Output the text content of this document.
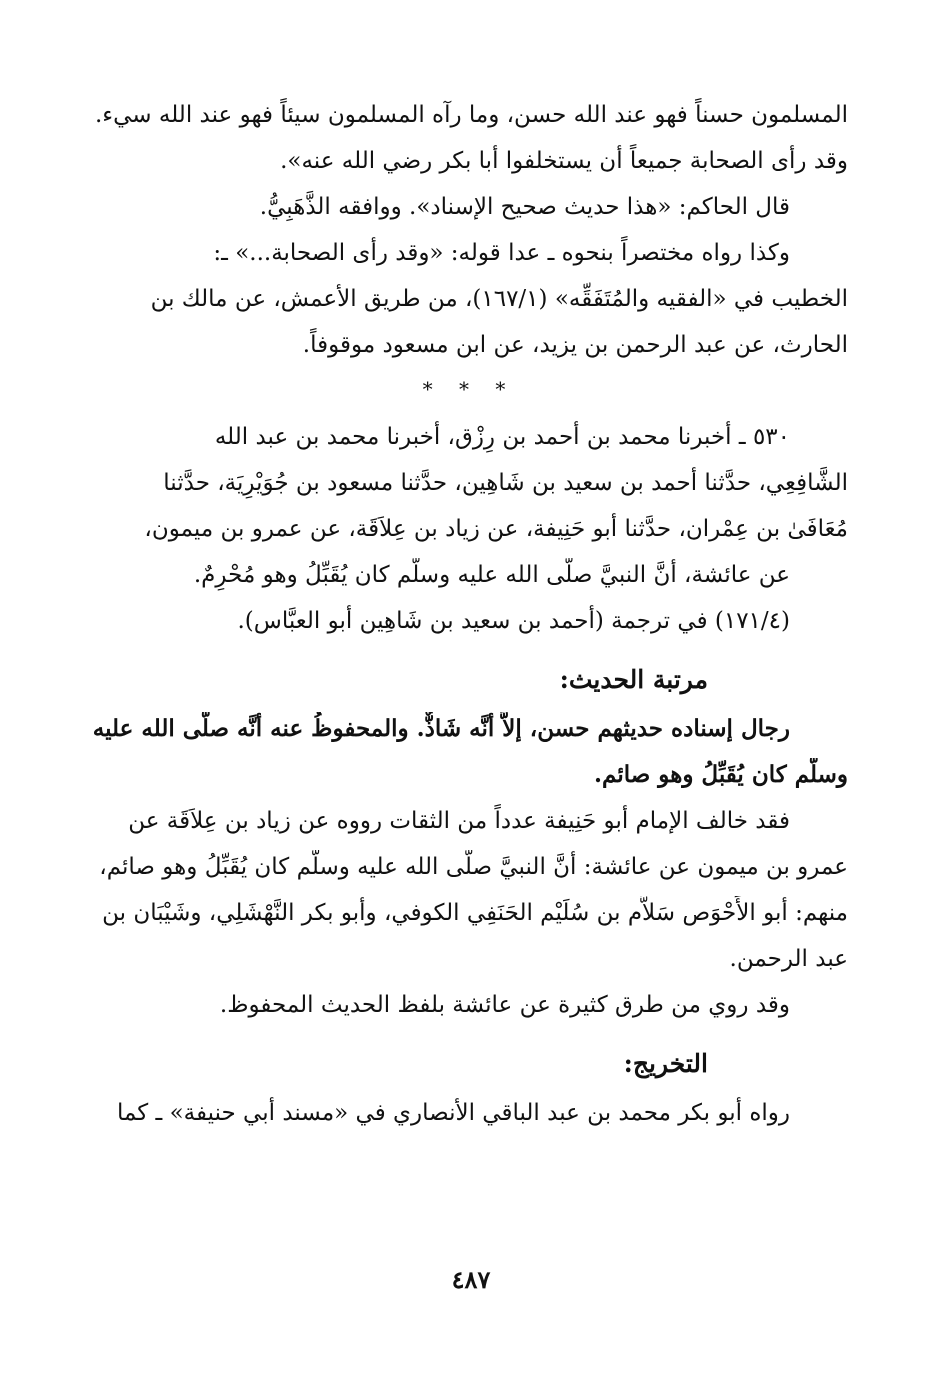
المسلمون حسناً فهو عند الله حسن، وما رآه المسلمون سيئاً فهو عند الله سيء.
وقد رأى الصحابة جميعاً أن يستخلفوا أبا بكر رضي الله عنه».
قال الحاكم: «هذا حديث صحيح الإسناد». ووافقه الذَّهَبِيُّ.
وكذا رواه مختصراً بنحوه ـ عدا قوله: «وقد رأى الصحابة...» ـ:
الخطيب في «الفقيه والمُتَفَقِّه» (١٦٧/١)، من طريق الأعمش، عن مالك بن
الحارث، عن عبد الرحمن بن يزيد، عن ابن مسعود موقوفاً.
* * *
٥٣٠ ـ أخبرنا محمد بن أحمد بن رِزْق، أخبرنا محمد بن عبد الله
الشَّافِعِي، حدَّثنا أحمد بن سعيد بن شَاهِين، حدَّثنا مسعود بن جُوَيْرِيَة، حدَّثنا
مُعَافَىٰ بن عِمْران، حدَّثنا أبو حَنِيفة، عن زياد بن عِلاَقَة، عن عمرو بن ميمون،
عن عائشة، أنَّ النبيَّ صلَّى الله عليه وسلَّم كان يُقَبِّلُ وهو مُحْرِمٌ.
(١٧١/٤) في ترجمة (أحمد بن سعيد بن شَاهِين أبو العبَّاس).
مرتبة الحديث:
رجال إسناده حديثهم حسن، إلاَّ أنَّه شَاذٌّ. والمحفوظُ عنه أنَّه صلَّى الله عليه
وسلَّم كان يُقَبِّلُ وهو صائم.
فقد خالف الإمام أبو حَنِيفة عدداً من الثقات رووه عن زياد بن عِلاَقَة عن
عمرو بن ميمون عن عائشة: أنَّ النبيَّ صلَّى الله عليه وسلَّم كان يُقَبِّلُ وهو صائم،
منهم: أبو الأَحْوَص سَلاَّم بن سُلَيْم الحَنَفِي الكوفي، وأبو بكر النَّهْشَلِي، وشَيْبَان بن
عبد الرحمن.
وقد روي من طرق كثيرة عن عائشة بلفظ الحديث المحفوظ.
التخريج:
رواه أبو بكر محمد بن عبد الباقي الأنصاري في «مسند أبي حنيفة» ـ كما
٤٨٧
